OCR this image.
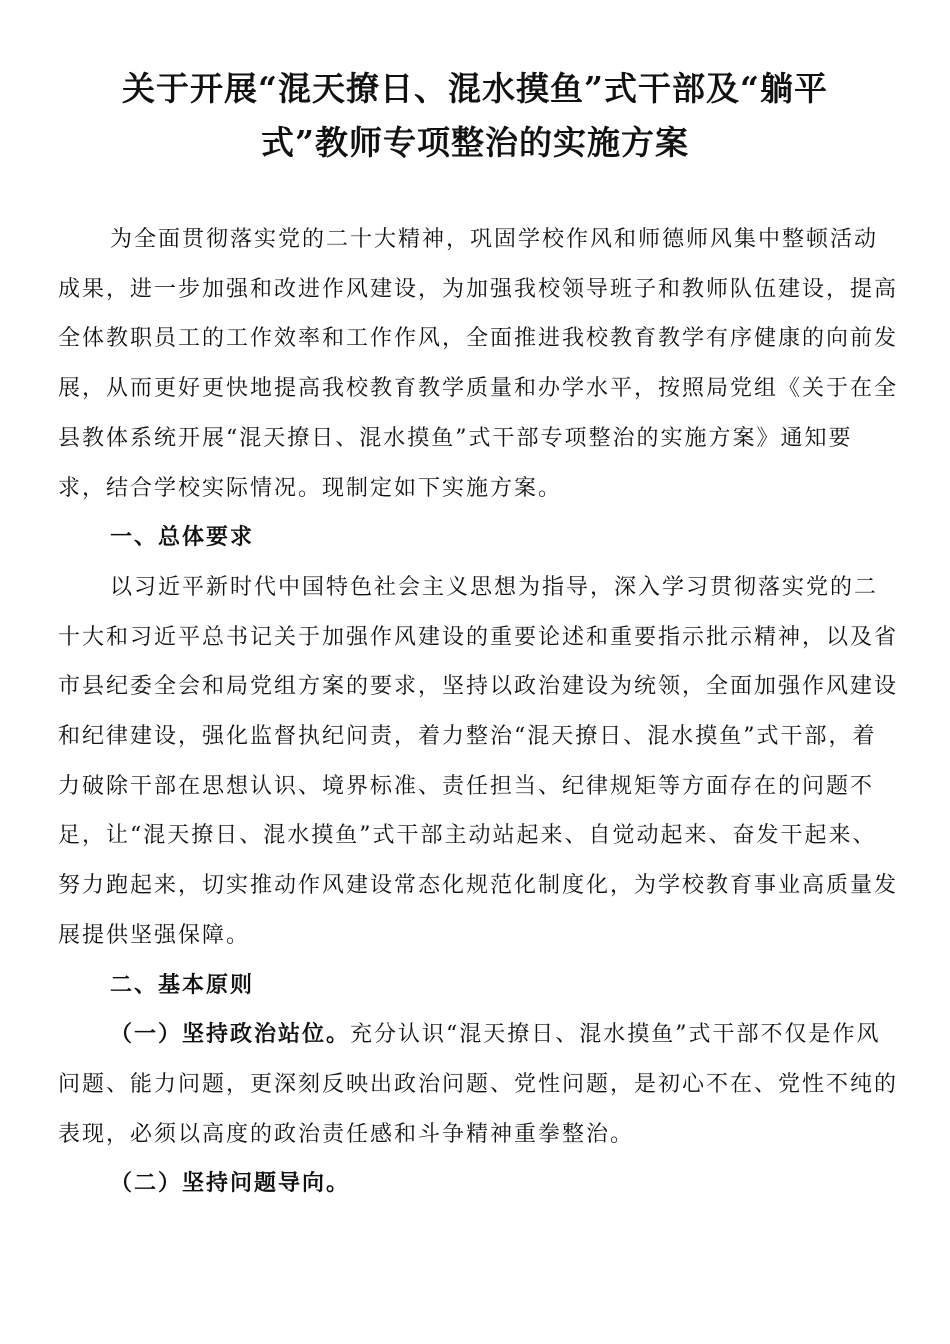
关于开展“混天撩日、混水摸鱼”式干部及“躺平
式”教师专项整治的实施方案

为全面贯彻落实党的二十大精神，巩固学校作风和师德师风集中整顿活动成果，进一步加强和改进作风建设，为加强我校领导班子和教师队伍建设，提高全体教职员工的工作效率和工作作风，全面推进我校教育教学有序健康的向前发展，从而更好更快地提高我校教育教学质量和办学水平，按照局党组《关于在全县教体系统开展“混天撩日、混水摸鱼”式干部专项整治的实施方案》通知要求，结合学校实际情况。现制定如下实施方案。

一、总体要求

以习近平新时代中国特色社会主义思想为指导，深入学习贯彻落实党的二十大和习近平总书记关于加强作风建设的重要论述和重要指示批示精神，以及省市县纪委全会和局党组方案的要求，坚持以政治建设为统领，全面加强作风建设和纪律建设，强化监督执纪问责，着力整治“混天撩日、混水摸鱼”式干部，着力破除干部在思想认识、境界标准、责任担当、纪律规矩等方面存在的问题不足，让“混天撩日、混水摸鱼”式干部主动站起来、自觉动起来、奋发干起来、努力跑起来，切实推动作风建设常态化规范化制度化，为学校教育事业高质量发展提供坚强保障。

二、基本原则

（一）坚持政治站位。充分认识“混天撩日、混水摸鱼”式干部不仅是作风问题、能力问题，更深刻反映出政治问题、党性问题，是初心不在、党性不纯的表现，必须以高度的政治责任感和斗争精神重拳整治。

（二）坚持问题导向。
